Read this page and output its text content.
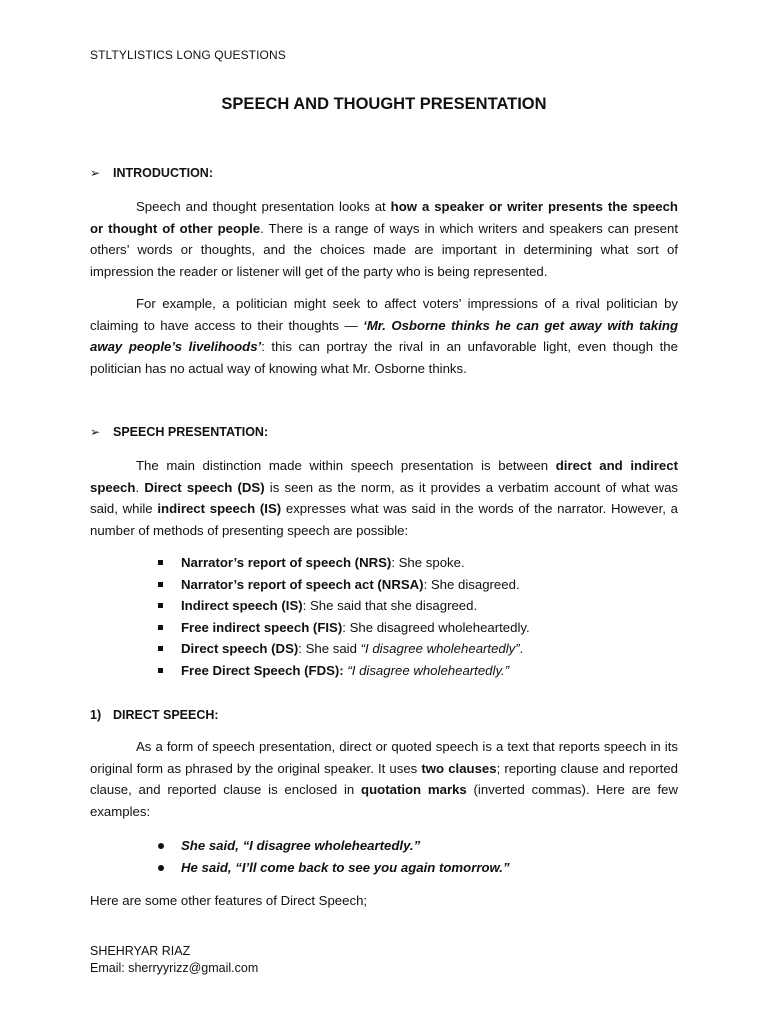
STLTYLISTICS LONG QUESTIONS
SPEECH AND THOUGHT PRESENTATION
➢	INTRODUCTION:

Speech and thought presentation looks at how a speaker or writer presents the speech or thought of other people. There is a range of ways in which writers and speakers can present others’ words or thoughts, and the choices made are important in determining what sort of impression the reader or listener will get of the party who is being represented.

For example, a politician might seek to affect voters’ impressions of a rival politician by claiming to have access to their thoughts — ‘Mr. Osborne thinks he can get away with taking away people’s livelihoods’: this can portray the rival in an unfavorable light, even though the politician has no actual way of knowing what Mr. Osborne thinks.

➢	SPEECH PRESENTATION:

The main distinction made within speech presentation is between direct and indirect speech. Direct speech (DS) is seen as the norm, as it provides a verbatim account of what was said, while indirect speech (IS) expresses what was said in the words of the narrator. However, a number of methods of presenting speech are possible:

Narrator’s report of speech (NRS): She spoke.
Narrator’s report of speech act (NRSA): She disagreed.
Indirect speech (IS): She said that she disagreed.
Free indirect speech (FIS): She disagreed wholeheartedly.
Direct speech (DS): She said “I disagree wholeheartedly”.
Free Direct Speech (FDS): “I disagree wholeheartedly.”
1) DIRECT SPEECH:

As a form of speech presentation, direct or quoted speech is a text that reports speech in its original form as phrased by the original speaker. It uses two clauses; reporting clause and reported clause, and reported clause is enclosed in quotation marks (inverted commas). Here are few examples:

She said, “I disagree wholeheartedly.”
He said, “I’ll come back to see you again tomorrow.”

Here are some other features of Direct Speech;

SHEHRYAR RIAZ
Email: sherryyrizz@gmail.com
